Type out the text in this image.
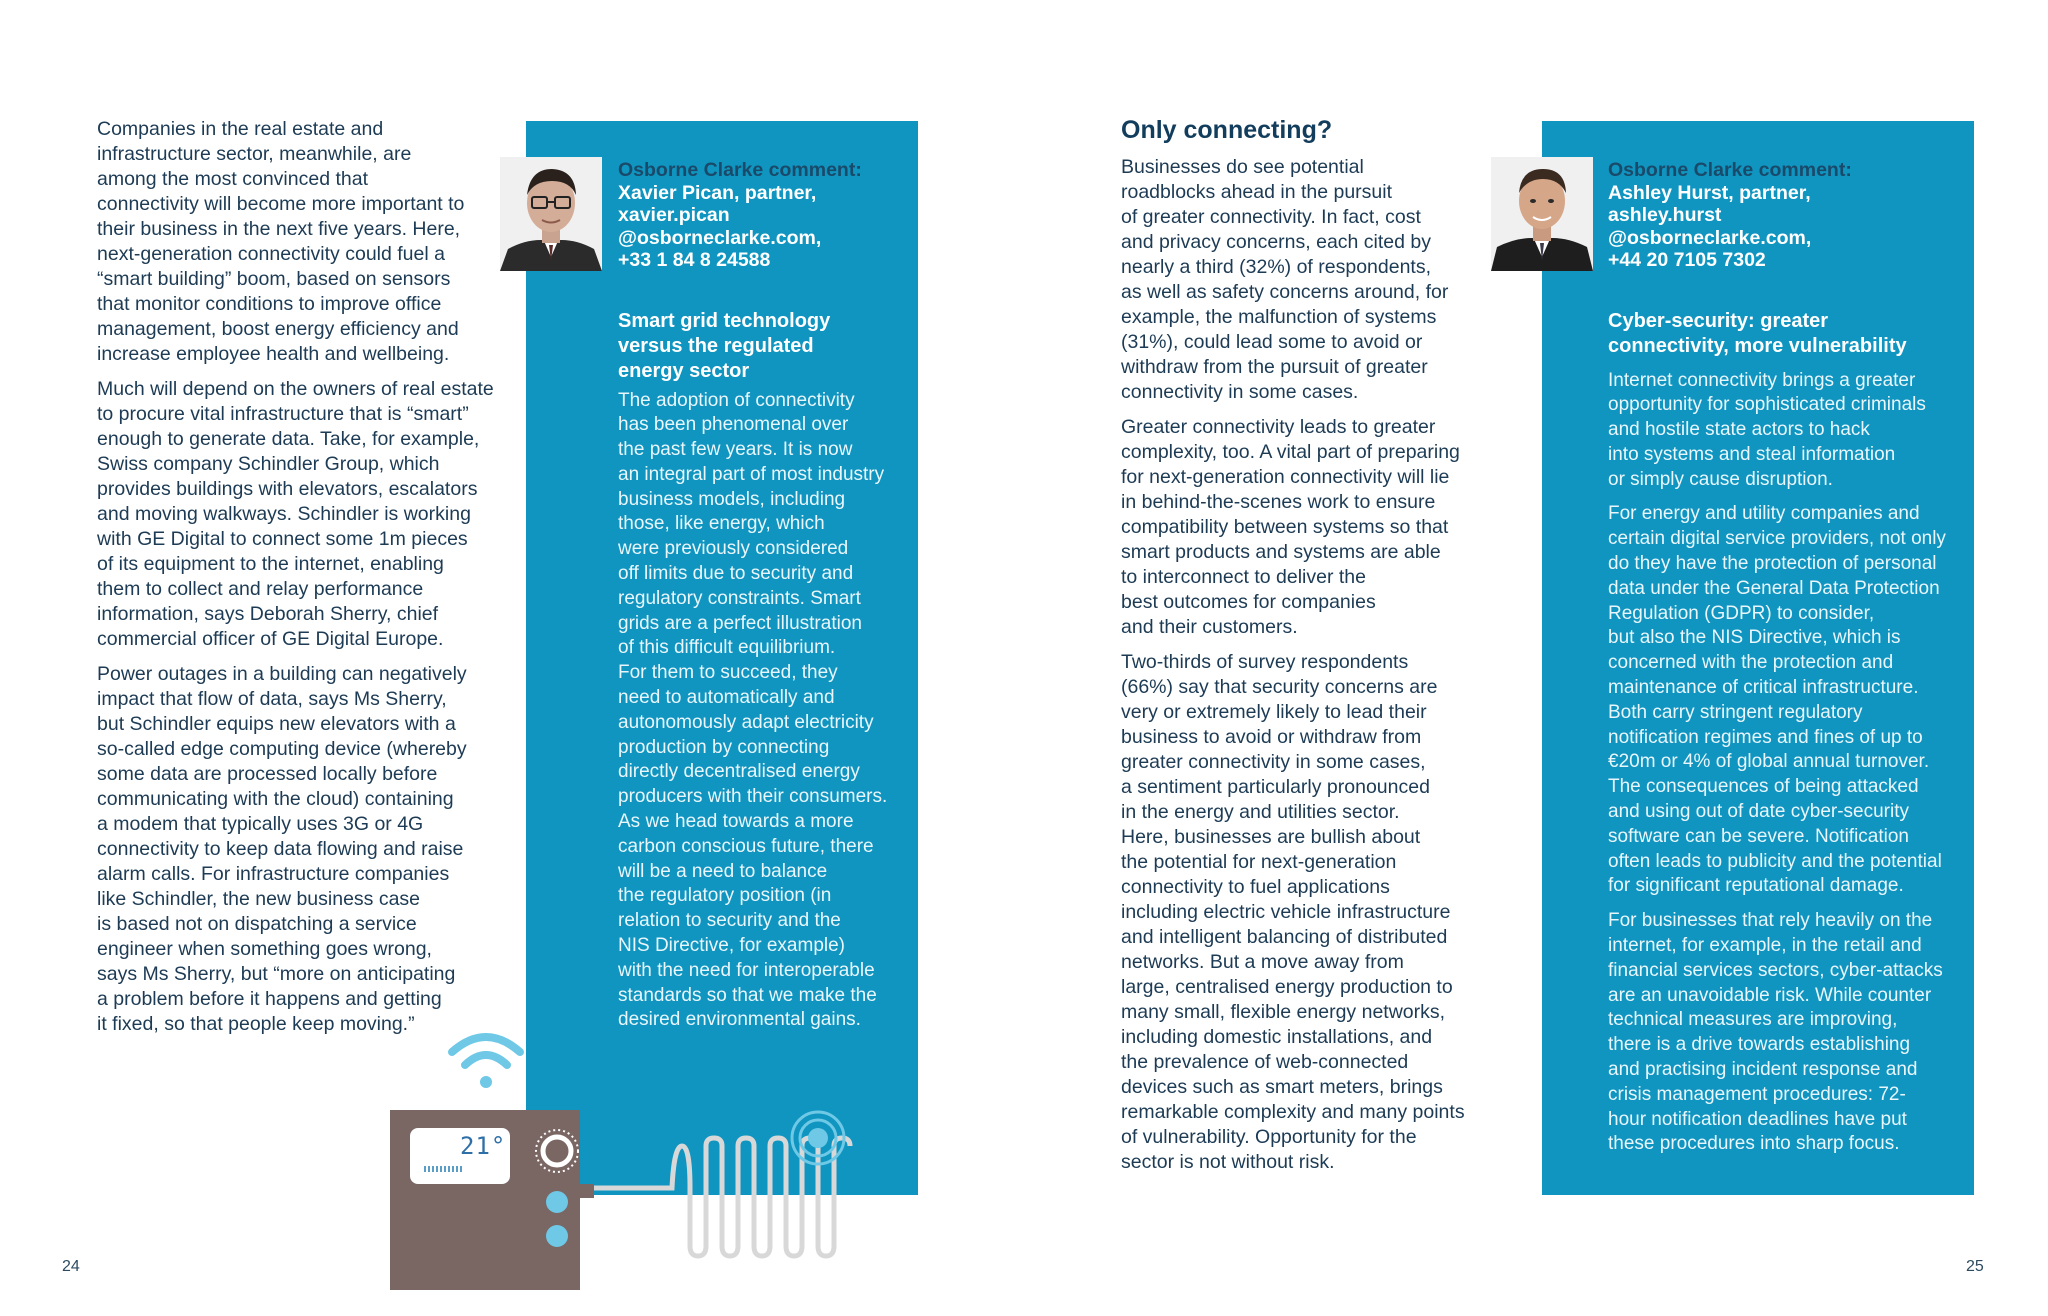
Companies in the real estate and
infrastructure sector, meanwhile, are
among the most convinced that
connectivity will become more important to
their business in the next five years. Here,
next-generation connectivity could fuel a
“smart building” boom, based on sensors
that monitor conditions to improve office
management, boost energy efficiency and
increase employee health and wellbeing.

Much will depend on the owners of real estate
to procure vital infrastructure that is “smart”
enough to generate data. Take, for example,
Swiss company Schindler Group, which
provides buildings with elevators, escalators
and moving walkways. Schindler is working
with GE Digital to connect some 1m pieces
of its equipment to the internet, enabling
them to collect and relay performance
information, says Deborah Sherry, chief
commercial officer of GE Digital Europe.

Power outages in a building can negatively
impact that flow of data, says Ms Sherry,
but Schindler equips new elevators with a
so-called edge computing device (whereby
some data are processed locally before
communicating with the cloud) containing
a modem that typically uses 3G or 4G
connectivity to keep data flowing and raise
alarm calls. For infrastructure companies
like Schindler, the new business case
is based not on dispatching a service
engineer when something goes wrong,
says Ms Sherry, but “more on anticipating
a problem before it happens and getting
it fixed, so that people keep moving.”

Osborne Clarke comment:
Xavier Pican, partner,
xavier.pican
@osborneclarke.com,
+33 1 84 8 24588
Smart grid technology
versus the regulated
energy sector
The adoption of connectivity
has been phenomenal over
the past few years. It is now
an integral part of most industry
business models, including
those, like energy, which
were previously considered
off limits due to security and
regulatory constraints. Smart
grids are a perfect illustration
of this difficult equilibrium.
For them to succeed, they
need to automatically and
autonomously adapt electricity
production by connecting
directly decentralised energy
producers with their consumers.
As we head towards a more
carbon conscious future, there
will be a need to balance
the regulatory position (in
relation to security and the
NIS Directive, for example)
with the need for interoperable
standards so that we make the
desired environmental gains.
21°
24
Only connecting?

Businesses do see potential
roadblocks ahead in the pursuit
of greater connectivity. In fact, cost
and privacy concerns, each cited by
nearly a third (32%) of respondents,
as well as safety concerns around, for
example, the malfunction of systems
(31%), could lead some to avoid or
withdraw from the pursuit of greater
connectivity in some cases.

Greater connectivity leads to greater
complexity, too. A vital part of preparing
for next-generation connectivity will lie
in behind-the-scenes work to ensure
compatibility between systems so that
smart products and systems are able
to interconnect to deliver the
best outcomes for companies
and their customers.

Two-thirds of survey respondents
(66%) say that security concerns are
very or extremely likely to lead their
business to avoid or withdraw from
greater connectivity in some cases,
a sentiment particularly pronounced
in the energy and utilities sector.
Here, businesses are bullish about
the potential for next-generation
connectivity to fuel applications
including electric vehicle infrastructure
and intelligent balancing of distributed
networks. But a move away from
large, centralised energy production to
many small, flexible energy networks,
including domestic installations, and
the prevalence of web-connected
devices such as smart meters, brings
remarkable complexity and many points
of vulnerability. Opportunity for the
sector is not without risk.

Osborne Clarke comment:
Ashley Hurst, partner,
ashley.hurst
@osborneclarke.com,
+44 20 7105 7302
Cyber-security: greater
connectivity, more vulnerability
Internet connectivity brings a greater
opportunity for sophisticated criminals
and hostile state actors to hack
into systems and steal information
or simply cause disruption.
For energy and utility companies and
certain digital service providers, not only
do they have the protection of personal
data under the General Data Protection
Regulation (GDPR) to consider,
but also the NIS Directive, which is
concerned with the protection and
maintenance of critical infrastructure.
Both carry stringent regulatory
notification regimes and fines of up to
€20m or 4% of global annual turnover.
The consequences of being attacked
and using out of date cyber-security
software can be severe. Notification
often leads to publicity and the potential
for significant reputational damage.
For businesses that rely heavily on the
internet, for example, in the retail and
financial services sectors, cyber-attacks
are an unavoidable risk. While counter
technical measures are improving,
there is a drive towards establishing
and practising incident response and
crisis management procedures: 72-
hour notification deadlines have put
these procedures into sharp focus.
25
